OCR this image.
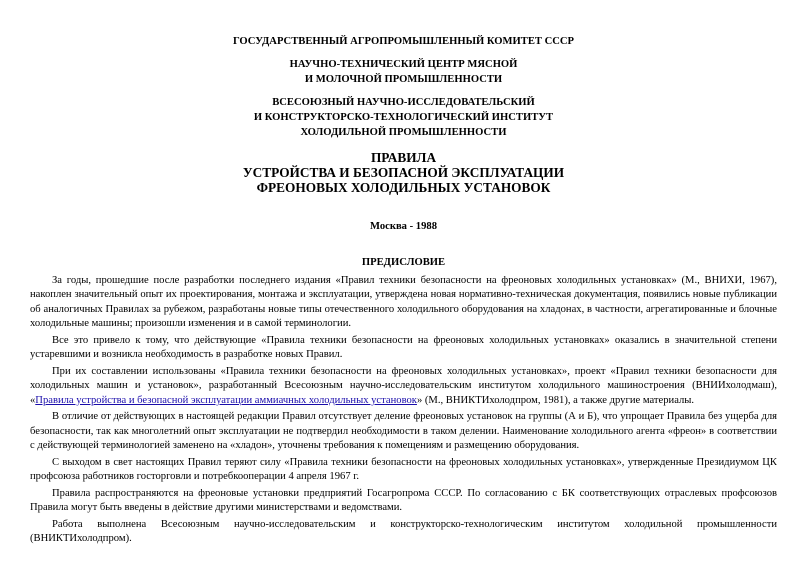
ГОСУДАРСТВЕННЫЙ АГРОПРОМЫШЛЕННЫЙ КОМИТЕТ СССР
НАУЧНО-ТЕХНИЧЕСКИЙ ЦЕНТР МЯСНОЙ
И МОЛОЧНОЙ ПРОМЫШЛЕННОСТИ
ВСЕСОЮЗНЫЙ НАУЧНО-ИССЛЕДОВАТЕЛЬСКИЙ
И КОНСТРУКТОРСКО-ТЕХНОЛОГИЧЕСКИЙ ИНСТИТУТ
ХОЛОДИЛЬНОЙ ПРОМЫШЛЕННОСТИ
ПРАВИЛА
УСТРОЙСТВА И БЕЗОПАСНОЙ ЭКСПЛУАТАЦИИ
ФРЕОНОВЫХ ХОЛОДИЛЬНЫХ УСТАНОВОК
Москва - 1988
ПРЕДИСЛОВИЕ

За годы, прошедшие после разработки последнего издания «Правил техники безопасности на фреоновых холодильных установках» (М., ВНИХИ, 1967), накоплен значительный опыт их проектирования, монтажа и эксплуатации, утверждена новая нормативно-техническая документация, появились новые публикации об аналогичных Правилах за рубежом, разработаны новые типы отечественного холодильного оборудования на хладонах, в частности, агрегатированные и блочные холодильные машины; произошли изменения и в самой терминологии.

Все это привело к тому, что действующие «Правила техники безопасности на фреоновых холодильных установках» оказались в значительной степени устаревшими и возникла необходимость в разработке новых Правил.

При их составлении использованы «Правила техники безопасности на фреоновых холодильных установках», проект «Правил техники безопасности для холодильных машин и установок», разработанный Всесоюзным научно-исследовательским институтом холодильного машиностроения (ВНИИхолодмаш), «Правила устройства и безопасной эксплуатации аммиачных холодильных установок» (М., ВНИКТИхолодпром, 1981), а также другие материалы.

В отличие от действующих в настоящей редакции Правил отсутствует деление фреоновых установок на группы (А и Б), что упрощает Правила без ущерба для безопасности, так как многолетний опыт эксплуатации не подтвердил необходимости в таком делении. Наименование холодильного агента «фреон» в соответствии с действующей терминологией заменено на «хладон», уточнены требования к помещениям и размещению оборудования.

С выходом в свет настоящих Правил теряют силу «Правила техники безопасности на фреоновых холодильных установках», утвержденные Президиумом ЦК профсоюза работников госторговли и потребкооперации 4 апреля 1967 г.

Правила распространяются на фреоновые установки предприятий Госагропрома СССР. По согласованию с БК соответствующих отраслевых профсоюзов Правила могут быть введены в действие другими министерствами и ведомствами.

Работа выполнена Всесоюзным научно-исследовательским и конструкторско-технологическим институтом холодильной промышленности (ВНИКТИхолодпром).
